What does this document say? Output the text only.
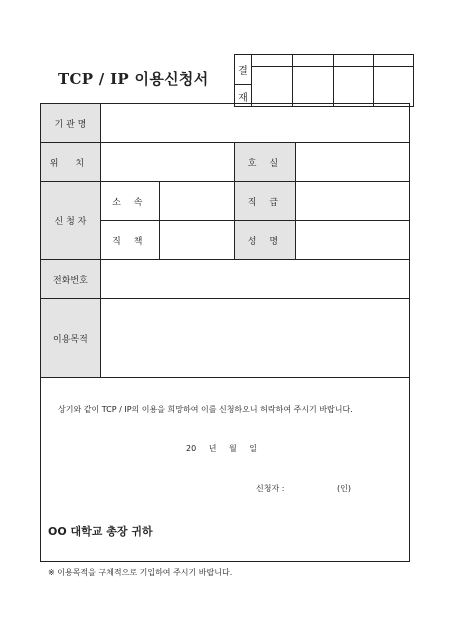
TCP / IP 이용신청서	결				

재				
기 관 명				
위 치			호 실	
신 청 자	소 속		직 급	
	직 책		성 명	
전화번호				
이용목적				
상기와 같이 TCP / IP의 이용을 희망하여 이를 신청하오니 허락하여 주시기 바랍니다.
20 년 월 일
신청자 :	(인)
OO 대학교 총장 귀하
※ 이용목적을 구체적으로 기입하여 주시기 바랍니다.
